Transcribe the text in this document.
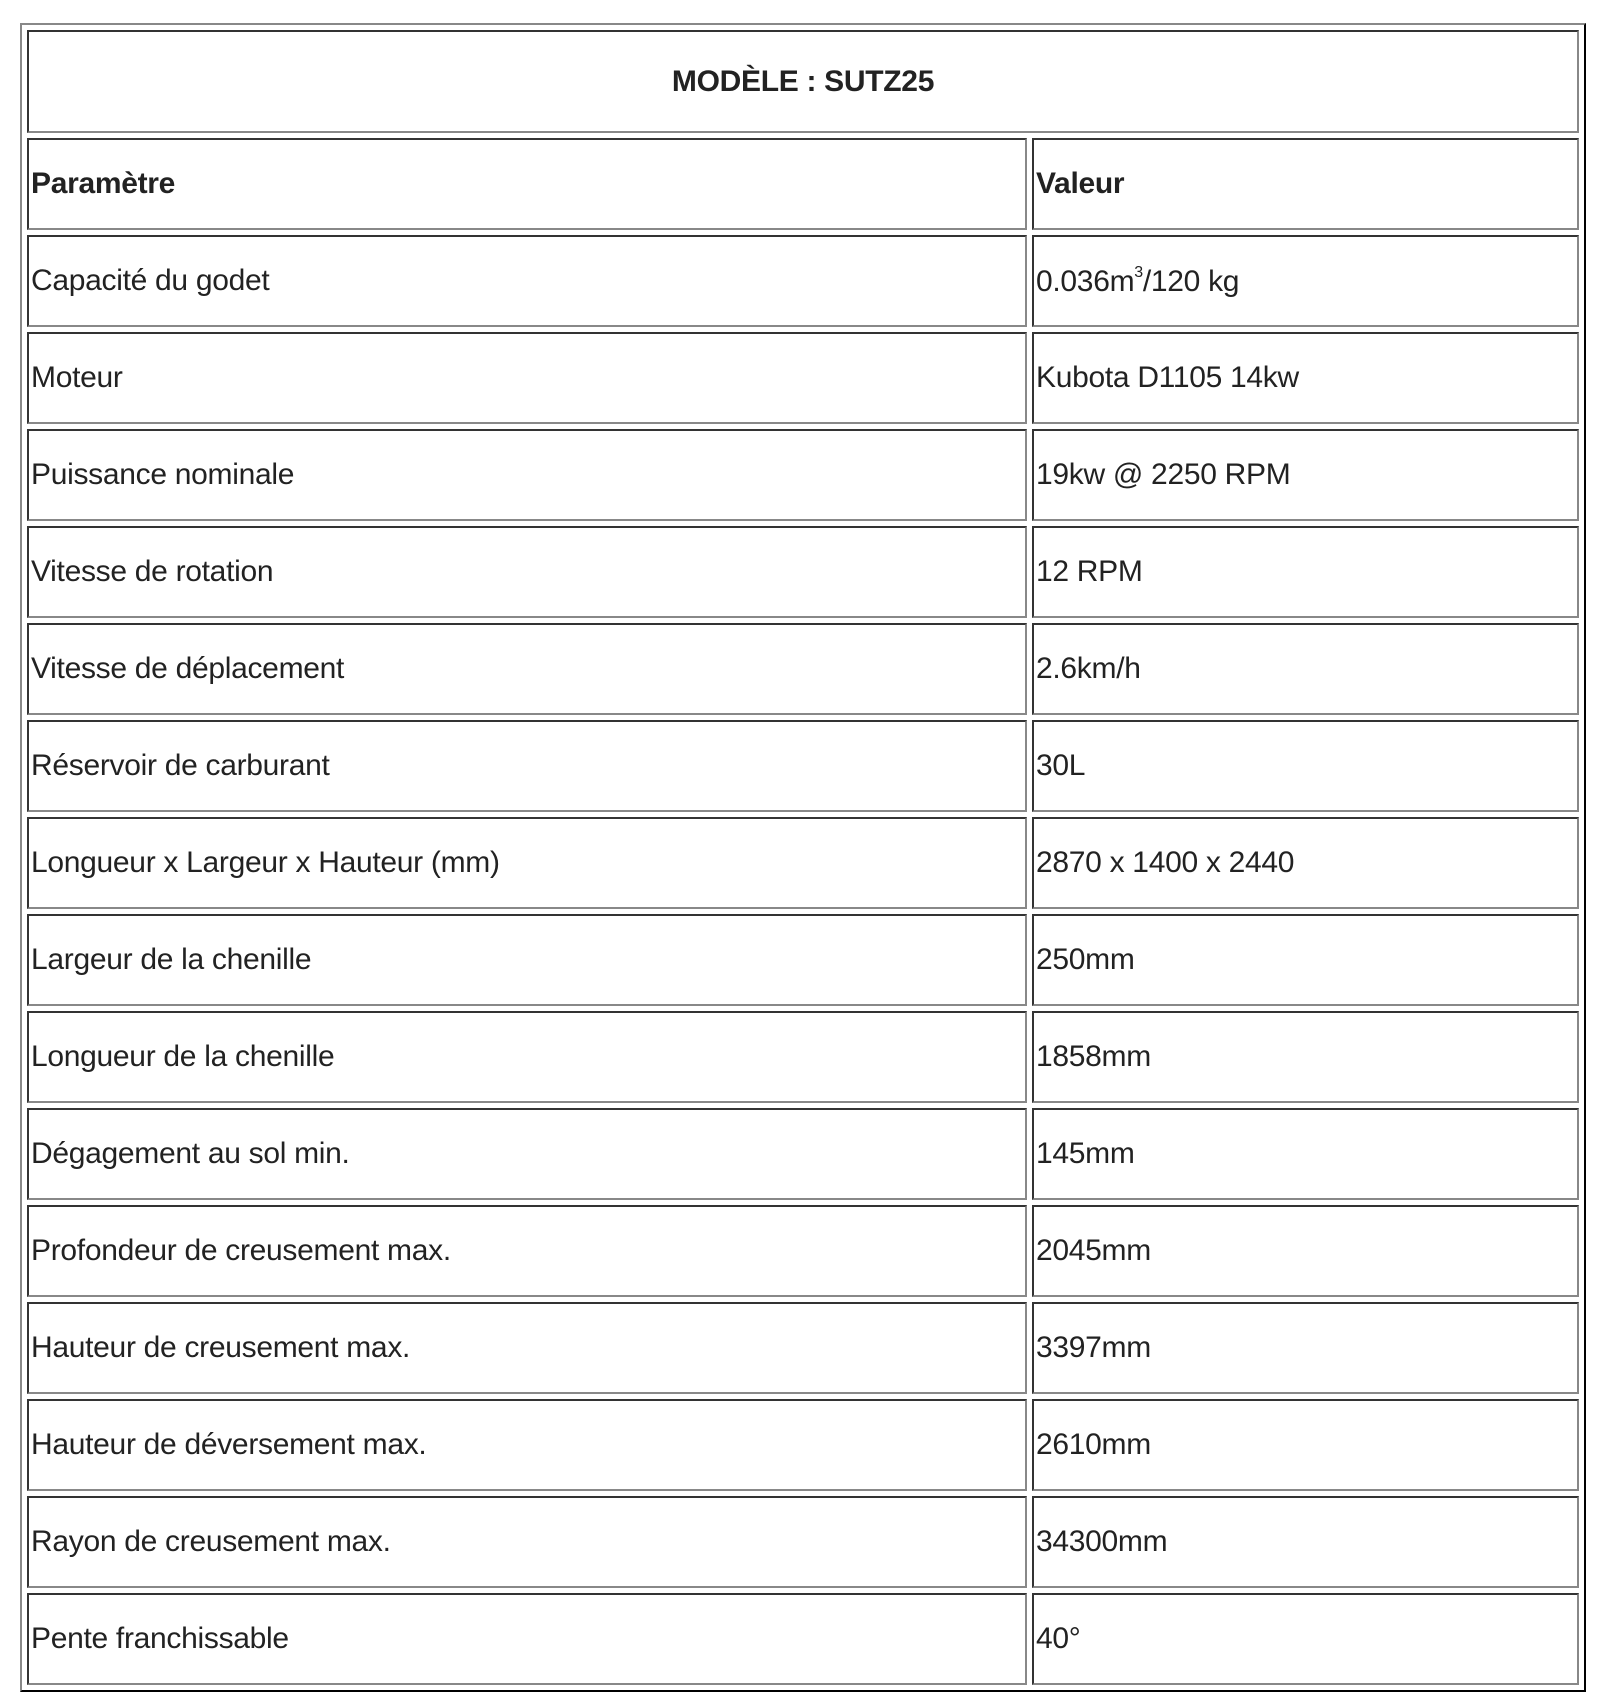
MODÈLE : SUTZ25	
Paramètre	Valeur
Capacité du godet	$0.036m^3/120$ kg
Moteur	Kubota D1105 14kw
Puissance nominale	19kw @ 2250 RPM
Vitesse de rotation	12 RPM
Vitesse de déplacement	2.6km/h
Réservoir de carburant	30L
Longueur x Largeur x Hauteur (mm)	2870 x 1400 x 2440
Largeur de la chenille	250mm
Longueur de la chenille	1858mm
Dégagement au sol min.	145mm
Profondeur de creusement max.	2045mm
Hauteur de creusement max.	3397mm
Hauteur de déversement max.	2610mm
Rayon de creusement max.	34300mm
Pente franchissable	40°
